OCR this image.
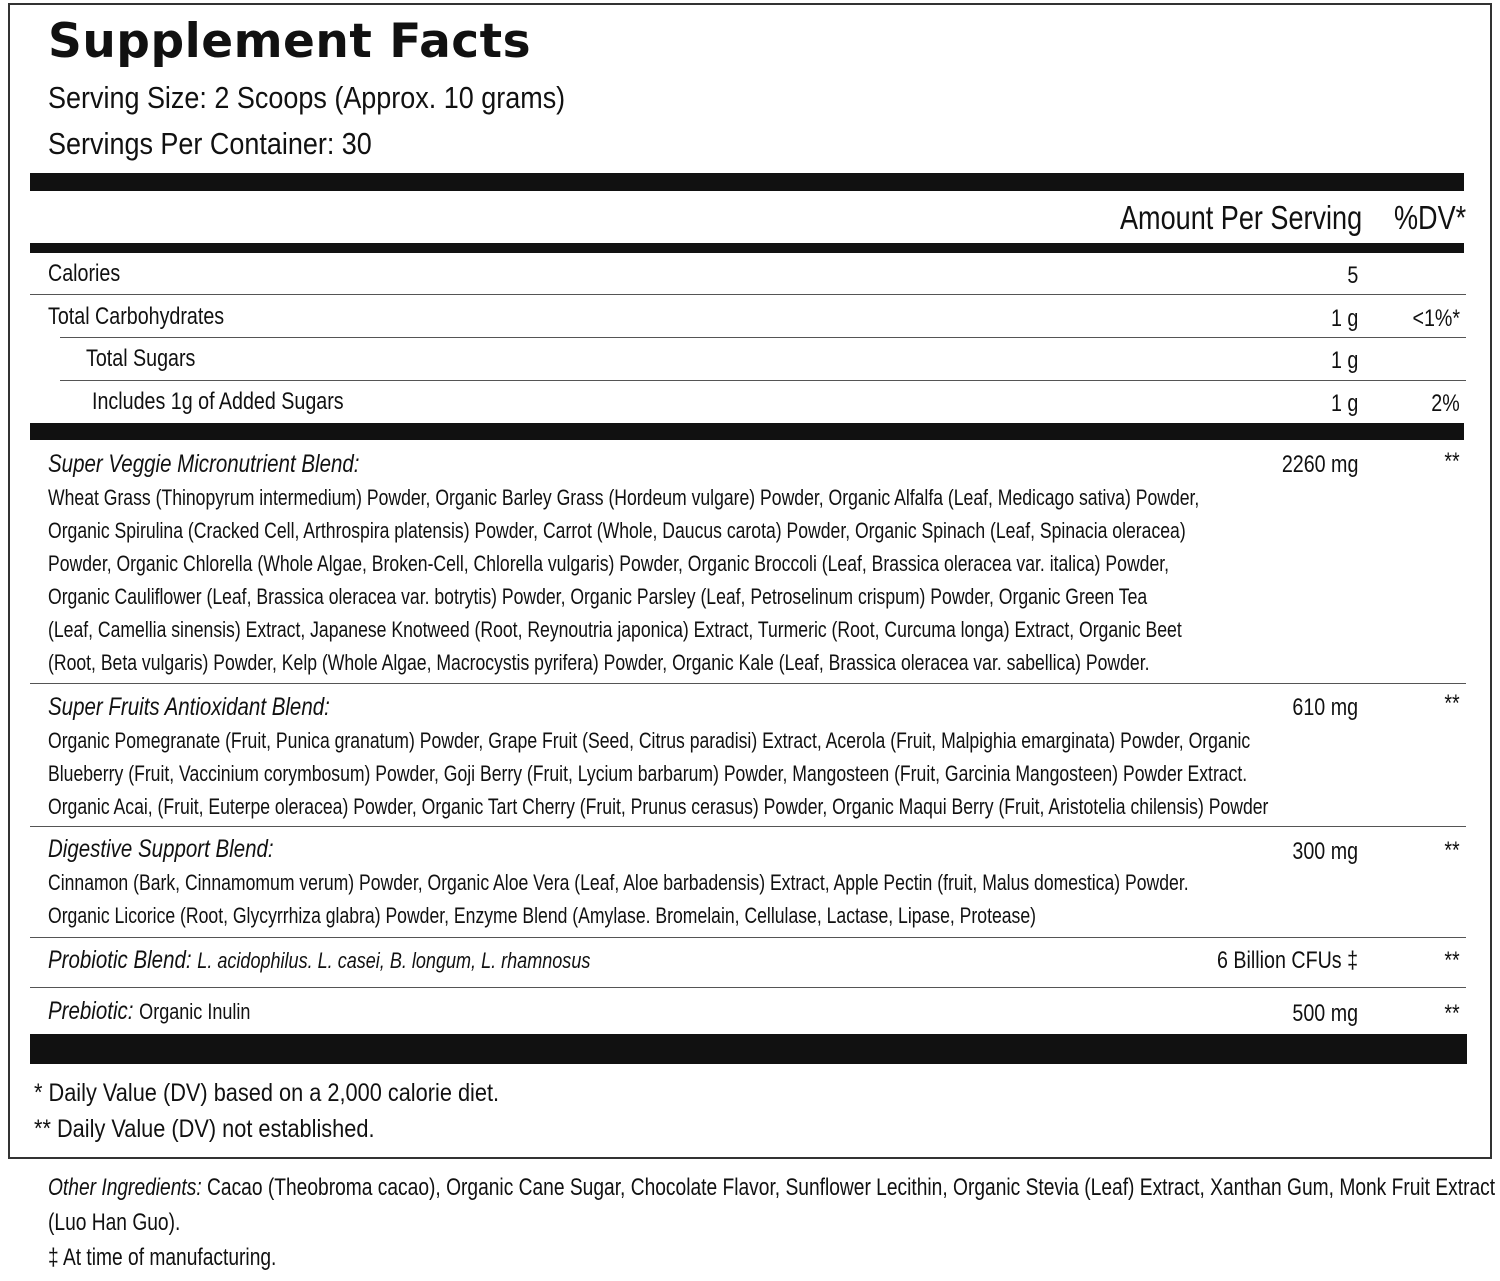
Supplement Facts
Serving Size: 2 Scoops (Approx. 10 grams)
Servings Per Container: 30
Amount Per Serving %DV*
Calories	5
Total Carbohydrates	1 g	<1%*
Total Sugars	1 g
Includes 1g of Added Sugars	1 g	2%
Super Veggie Micronutrient Blend:	2260 mg	**
Wheat Grass (Thinopyrum intermedium) Powder, Organic Barley Grass (Hordeum vulgare) Powder, Organic Alfalfa (Leaf, Medicago sativa) Powder,
Organic Spirulina (Cracked Cell, Arthrospira platensis) Powder, Carrot (Whole, Daucus carota) Powder, Organic Spinach (Leaf, Spinacia oleracea)
Powder, Organic Chlorella (Whole Algae, Broken-Cell, Chlorella vulgaris) Powder, Organic Broccoli (Leaf, Brassica oleracea var. italica) Powder,
Organic Cauliflower (Leaf, Brassica oleracea var. botrytis) Powder, Organic Parsley (Leaf, Petroselinum crispum) Powder, Organic Green Tea
(Leaf, Camellia sinensis) Extract, Japanese Knotweed (Root, Reynoutria japonica) Extract, Turmeric (Root, Curcuma longa) Extract, Organic Beet
(Root, Beta vulgaris) Powder, Kelp (Whole Algae, Macrocystis pyrifera) Powder, Organic Kale (Leaf, Brassica oleracea var. sabellica) Powder.
Super Fruits Antioxidant Blend:	610 mg	**
Organic Pomegranate (Fruit, Punica granatum) Powder, Grape Fruit (Seed, Citrus paradisi) Extract, Acerola (Fruit, Malpighia emarginata) Powder, Organic
Blueberry (Fruit, Vaccinium corymbosum) Powder, Goji Berry (Fruit, Lycium barbarum) Powder, Mangosteen (Fruit, Garcinia Mangosteen) Powder Extract.
Organic Acai, (Fruit, Euterpe oleracea) Powder, Organic Tart Cherry (Fruit, Prunus cerasus) Powder, Organic Maqui Berry (Fruit, Aristotelia chilensis) Powder
Digestive Support Blend:	300 mg	**
Cinnamon (Bark, Cinnamomum verum) Powder, Organic Aloe Vera (Leaf, Aloe barbadensis) Extract, Apple Pectin (fruit, Malus domestica) Powder.
Organic Licorice (Root, Glycyrrhiza glabra) Powder, Enzyme Blend (Amylase. Bromelain, Cellulase, Lactase, Lipase, Protease)
Probiotic Blend: L. acidophilus. L. casei, B. longum, L. rhamnosus	6 Billion CFUs ‡	**
Prebiotic: Organic Inulin	500 mg	**
* Daily Value (DV) based on a 2,000 calorie diet.
** Daily Value (DV) not established.
Other Ingredients: Cacao (Theobroma cacao), Organic Cane Sugar, Chocolate Flavor, Sunflower Lecithin, Organic Stevia (Leaf) Extract, Xanthan Gum, Monk Fruit Extract
(Luo Han Guo).
‡ At time of manufacturing.
